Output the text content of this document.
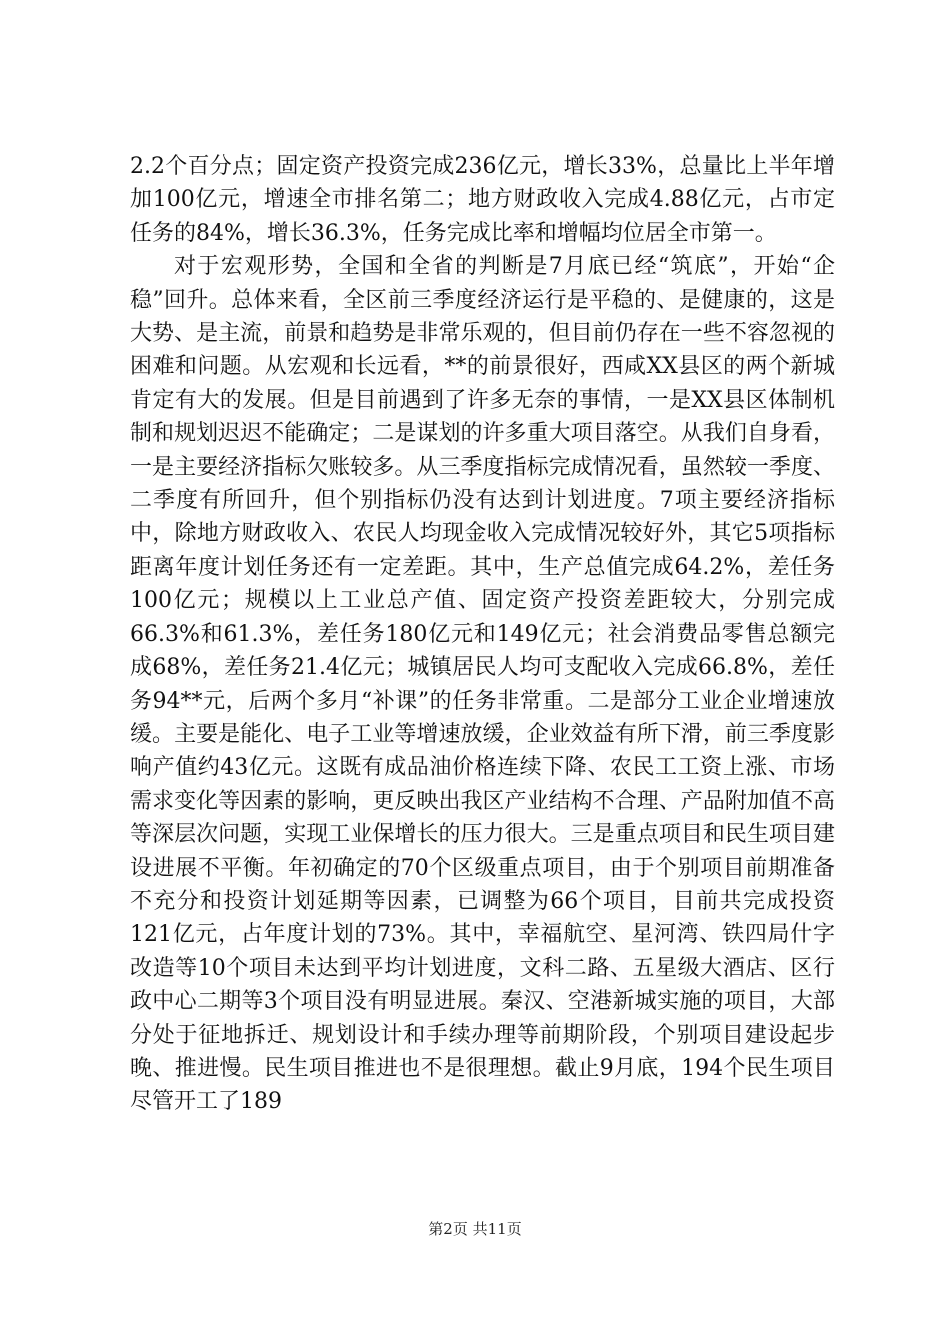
2.2个百分点；固定资产投资完成236亿元，增长33%，总量比上半年增加100亿元，增速全市排名第二；地方财政收入完成4.88亿元，占市定任务的84%，增长36.3%，任务完成比率和增幅均位居全市第一。

对于宏观形势，全国和全省的判断是7月底已经“筑底”，开始“企稳”回升。总体来看，全区前三季度经济运行是平稳的、是健康的，这是大势、是主流，前景和趋势是非常乐观的，但目前仍存在一些不容忽视的困难和问题。从宏观和长远看，**的前景很好，西咸XX县区的两个新城肯定有大的发展。但是目前遇到了许多无奈的事情，一是XX县区体制机制和规划迟迟不能确定；二是谋划的许多重大项目落空。从我们自身看，一是主要经济指标欠账较多。从三季度指标完成情况看，虽然较一季度、二季度有所回升，但个别指标仍没有达到计划进度。7项主要经济指标中，除地方财政收入、农民人均现金收入完成情况较好外，其它5项指标距离年度计划任务还有一定差距。其中，生产总值完成64.2%，差任务100亿元；规模以上工业总产值、固定资产投资差距较大，分别完成66.3%和61.3%，差任务180亿元和149亿元；社会消费品零售总额完成68%，差任务21.4亿元；城镇居民人均可支配收入完成66.8%，差任务94**元，后两个多月“补课”的任务非常重。二是部分工业企业增速放缓。主要是能化、电子工业等增速放缓，企业效益有所下滑，前三季度影响产值约43亿元。这既有成品油价格连续下降、农民工工资上涨、市场需求变化等因素的影响，更反映出我区产业结构不合理、产品附加值不高等深层次问题，实现工业保增长的压力很大。三是重点项目和民生项目建设进展不平衡。年初确定的70个区级重点项目，由于个别项目前期准备不充分和投资计划延期等因素，已调整为66个项目，目前共完成投资121亿元，占年度计划的73%。其中，幸福航空、星河湾、铁四局什字改造等10个项目未达到平均计划进度，文科二路、五星级大酒店、区行政中心二期等3个项目没有明显进展。秦汉、空港新城实施的项目，大部分处于征地拆迁、规划设计和手续办理等前期阶段，个别项目建设起步晚、推进慢。民生项目推进也不是很理想。截止9月底，194个民生项目尽管开工了189

第2页 共11页
